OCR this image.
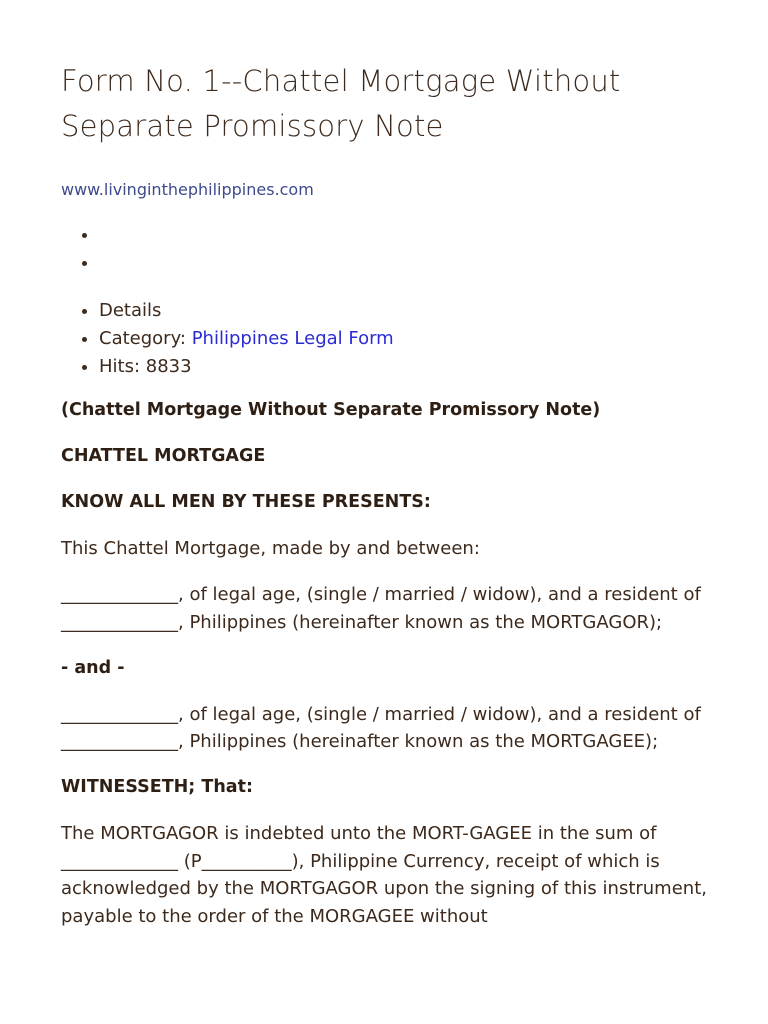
Form No. 1--Chattel Mortgage Without Separate Promissory Note
www.livinginthephilippines.com
•
•
• Details
• Category: Philippines Legal Form
• Hits: 8833

(Chattel Mortgage Without Separate Promissory Note)

CHATTEL MORTGAGE

KNOW ALL MEN BY THESE PRESENTS:

This Chattel Mortgage, made by and between:

_____________, of legal age, (single / married / widow), and a resident of _____________, Philippines (hereinafter known as the MORTGAGOR);

- and -

_____________, of legal age, (single / married / widow), and a resident of _____________, Philippines (hereinafter known as the MORTGAGEE);

WITNESSETH; That:

The MORTGAGOR is indebted unto the MORT-GAGEE in the sum of _____________ (P__________), Philippine Currency, receipt of which is acknowledged by the MORTGAGOR upon the signing of this instrument, payable to the order of the MORGAGEE without
